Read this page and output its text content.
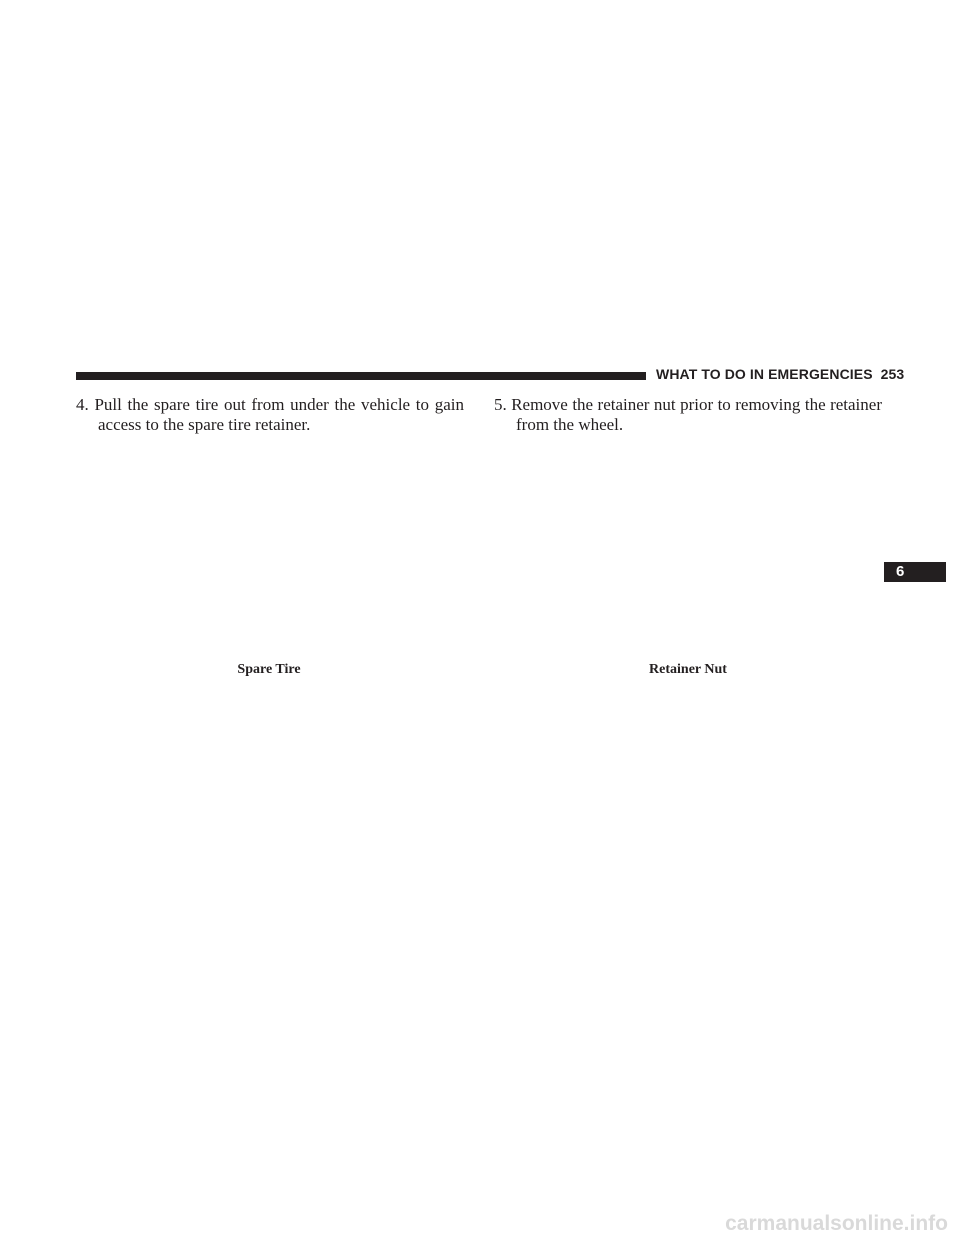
WHAT TO DO IN EMERGENCIES 253
4. Pull the spare tire out from under the vehicle to gain
access to the spare tire retainer.
5. Remove the retainer nut prior to removing the retainer
from the wheel.
Spare Tire	Retainer Nut
6
carmanualsonline.info
